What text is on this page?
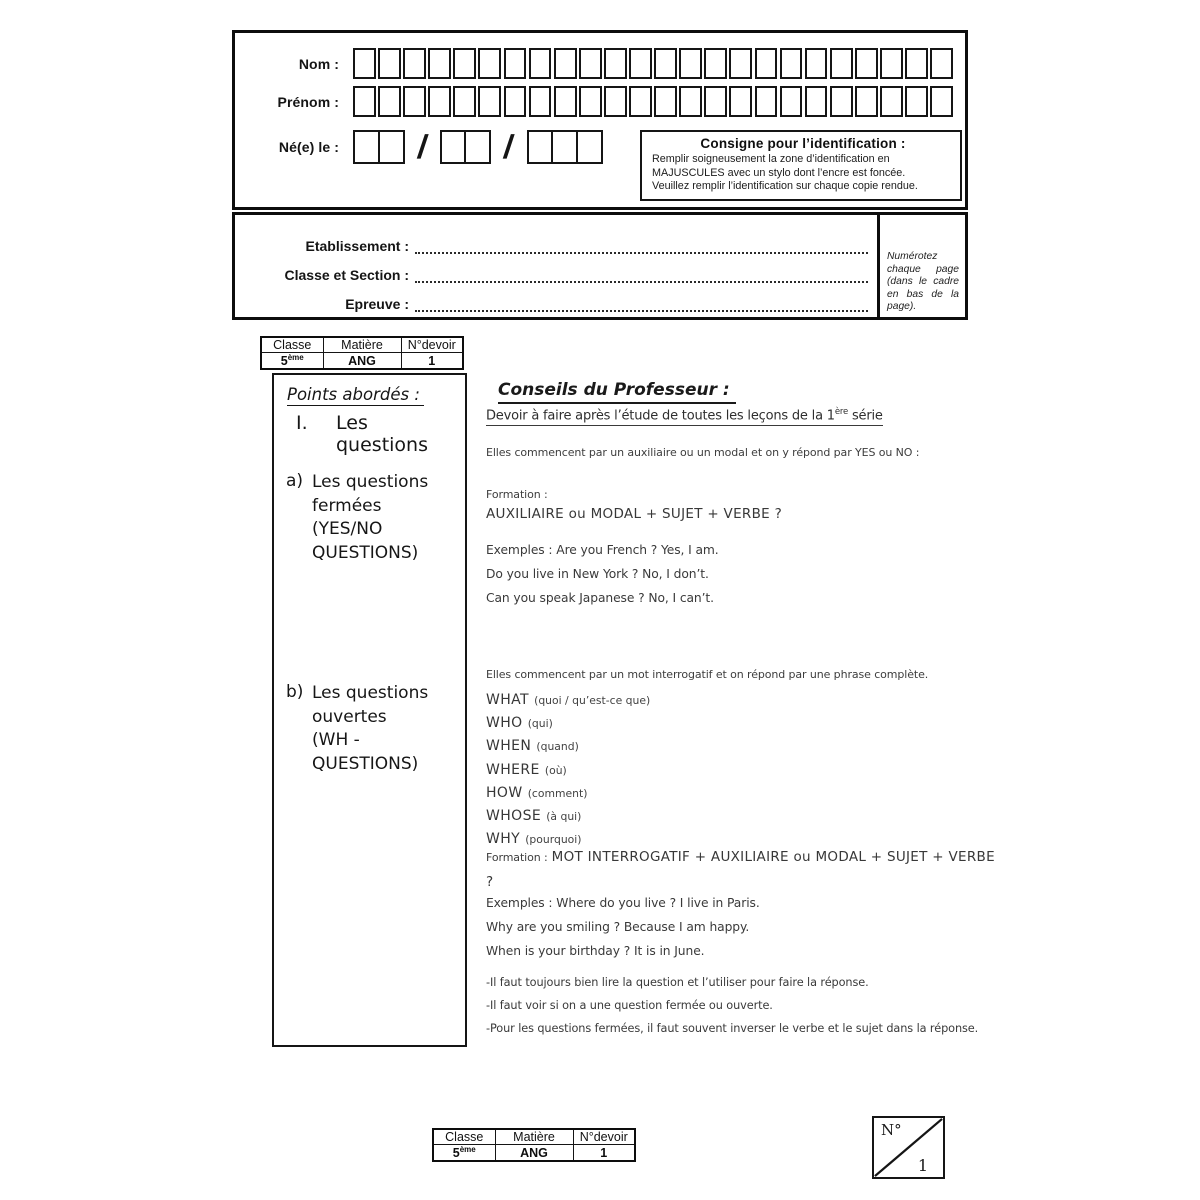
Nom :
Prénom :
Né(e) le :	/ /	Consigne pour l’identification :
Remplir soigneusement la zone d’identification en
MAJUSCULES avec un stylo dont l’encre est foncée.
Veuillez remplir l’identification sur chaque copie rendue.
Etablissement :
Classe et Section :
Epreuve :

Numérotez chaque page (dans le cadre en bas de la page).

Classe	Matière	N°devoir
5ème	ANG	1
Points abordés :
I.	Les questions
a) Les questions
fermées
(YES/NO
QUESTIONS)
b) Les questions
ouvertes
(WH -
QUESTIONS)
Conseils du Professeur :
Devoir à faire après l’étude de toutes les leçons de la 1ère série

Elles commencent par un auxiliaire ou un modal et on y répond par YES ou NO :

Formation :

AUXILIAIRE ou MODAL + SUJET + VERBE ?

Exemples : Are you French ? Yes, I am.

Do you live in New York ? No, I don’t.

Can you speak Japanese ? No, I can’t.

Elles commencent par un mot interrogatif et on répond par une phrase complète.

WHAT (quoi / qu’est-ce que)
WHO (qui)
WHEN (quand)
WHERE (où)
HOW (comment)
WHOSE (à qui)
WHY (pourquoi)

Formation : MOT INTERROGATIF + AUXILIAIRE ou MODAL + SUJET + VERBE ?

Exemples : Where do you live ? I live in Paris.

Why are you smiling ? Because I am happy.

When is your birthday ? It is in June.

-Il faut toujours bien lire la question et l’utiliser pour faire la réponse.

-Il faut voir si on a une question fermée ou ouverte.

-Pour les questions fermées, il faut souvent inverser le verbe et le sujet dans la réponse.

Classe	Matière	N°devoir
5ème	ANG	1
N°
1
